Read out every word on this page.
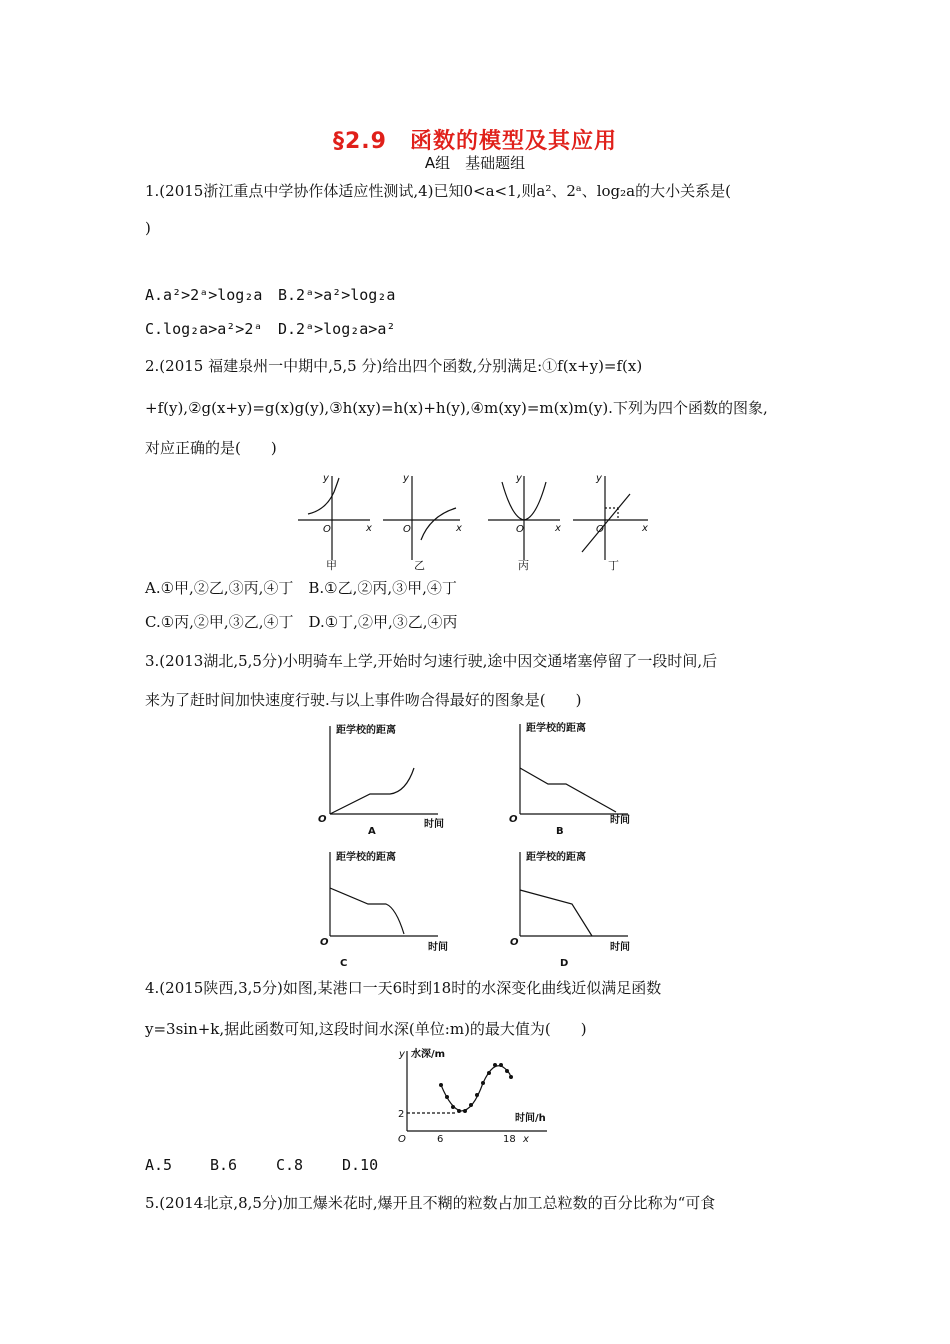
§2.9　函数的模型及其应用
A组　基础题组
1.(2015浙江重点中学协作体适应性测试,4)已知0<a<1,则a²、2ᵃ、log₂a的大小关系是(
)
A.a²>2ᵃ>log₂a B.2ᵃ>a²>log₂a
C.log₂a>a²>2ᵃ D.2ᵃ>log₂a>a²
2.(2015 福建泉州一中期中,5,5 分)给出四个函数,分别满足:①f(x+y)=f(x)
+f(y),②g(x+y)=g(x)g(y),③h(xy)=h(x)+h(y),④m(xy)=m(x)m(y).下列为四个函数的图象,
对应正确的是(　　)
y
x
O
y
x
O
y
x
O
y
x
O
甲	乙	丙	丁
A.①甲,②乙,③丙,④丁　B.①乙,②丙,③甲,④丁
C.①丙,②甲,③乙,④丁　D.①丁,②甲,③乙,④丙
3.(2013湖北,5,5分)小明骑车上学,开始时匀速行驶,途中因交通堵塞停留了一段时间,后
来为了赶时间加快速度行驶.与以上事件吻合得最好的图象是(　　)
距学校的距离
时间
O
A
距学校的距离
时间
O
B
距学校的距离
时间
O
C
距学校的距离
时间
O
D
4.(2015陕西,3,5分)如图,某港口一天6时到18时的水深变化曲线近似满足函数
y=3sin+k,据此函数可知,这段时间水深(单位:m)的最大值为(　　)
y 水深/m
时间/h
x
O
2
6	18
A.5	B.6	C.8	D.10
5.(2014北京,8,5分)加工爆米花时,爆开且不糊的粒数占加工总粒数的百分比称为“可食
